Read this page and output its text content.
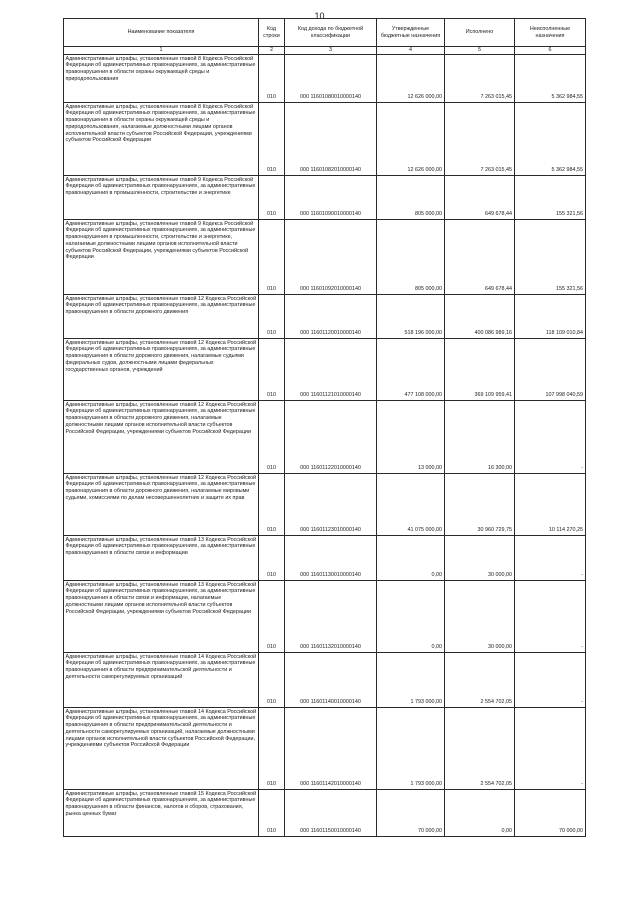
10
Наименование показателя	Код строки	Код дохода по бюджетной классификации	Утвержденные бюджетные назначения	Исполнено	Неисполненные назначения
1	2	3	4	5	6
Административные штрафы, установленные главой 8 Кодекса Российской Федерации об административных правонарушениях, за административные правонарушения в области охраны окружающей среды и природопользования	010	000 11601080010000140	12 626 000,00	7 263 015,45	5 362 984,55
Административные штрафы, установленные главой 8 Кодекса Российской Федерации об административных правонарушениях, за административные правонарушения в области охраны окружающей среды и природопользования, налагаемые должностными лицами органов исполнительной власти субъектов Российской Федерации, учреждениями субъектов Российской Федерации	010	000 11601082010000140	12 626 000,00	7 263 015,45	5 362 984,55
Административные штрафы, установленные главой 9 Кодекса Российской Федерации об административных правонарушениях, за административные правонарушения в промышленности, строительстве и энергетике	010	000 11601090010000140	805 000,00	649 678,44	155 321,56
Административные штрафы, установленные главой 9 Кодекса Российской Федерации об административных правонарушениях, за административные правонарушения в промышленности, строительстве и энергетике, налагаемые должностными лицами органов исполнительной власти субъектов Российской Федерации, учреждениями субъектов Российской Федерации	010	000 11601092010000140	805 000,00	649 678,44	155 321,56
Административные штрафы, установленные главой 12 Кодекса Российской Федерации об административных правонарушениях, за административные правонарушения в области дорожного движения	010	000 11601120010000140	518 196 000,00	400 086 989,16	118 109 010,84
Административные штрафы, установленные главой 12 Кодекса Российской Федерации об административных правонарушениях, за административные правонарушения в области дорожного движения, налагаемые судьями федеральных судов, должностными лицами федеральных государственных органов, учреждений	010	000 11601121010000140	477 108 000,00	369 109 959,41	107 998 040,59
Административные штрафы, установленные главой 12 Кодекса Российской Федерации об административных правонарушениях, за административные правонарушения в области дорожного движения, налагаемые должностными лицами органов исполнительной власти субъектов Российской Федерации, учреждениями субъектов Российской Федерации	010	000 11601122010000140	13 000,00	16 300,00	-
Административные штрафы, установленные главой 12 Кодекса Российской Федерации об административных правонарушениях, за административные правонарушения в области дорожного движения, налагаемые мировыми судьями, комиссиями по делам несовершеннолетних и защите их прав	010	000 11601123010000140	41 075 000,00	30 960 729,75	10 114 270,25
Административные штрафы, установленные главой 13 Кодекса Российской Федерации об административных правонарушениях, за административные правонарушения в области связи и информации	010	000 11601130010000140	0,00	30 000,00	-
Административные штрафы, установленные главой 13 Кодекса Российской Федерации об административных правонарушениях, за административные правонарушения в области связи и информации, налагаемые должностными лицами органов исполнительной власти субъектов Российской Федерации, учреждениями субъектов Российской Федерации	010	000 11601132010000140	0,00	30 000,00	-
Административные штрафы, установленные главой 14 Кодекса Российской Федерации об административных правонарушениях, за административные правонарушения в области предпринимательской деятельности и деятельности саморегулируемых организаций	010	000 11601140010000140	1 793 000,00	2 554 702,05	-
Административные штрафы, установленные главой 14 Кодекса Российской Федерации об административных правонарушениях, за административные правонарушения в области предпринимательской деятельности и деятельности саморегулируемых организаций, налагаемые должностными лицами органов исполнительной власти субъектов Российской Федерации, учреждениями субъектов Российской Федерации	010	000 11601142010000140	1 793 000,00	2 554 702,05	-
Административные штрафы, установленные главой 15 Кодекса Российской Федерации об административных правонарушениях, за административные правонарушения в области финансов, налогов и сборов, страхования, рынка ценных бумаг	010	000 11601150010000140	70 000,00	0,00	70 000,00
